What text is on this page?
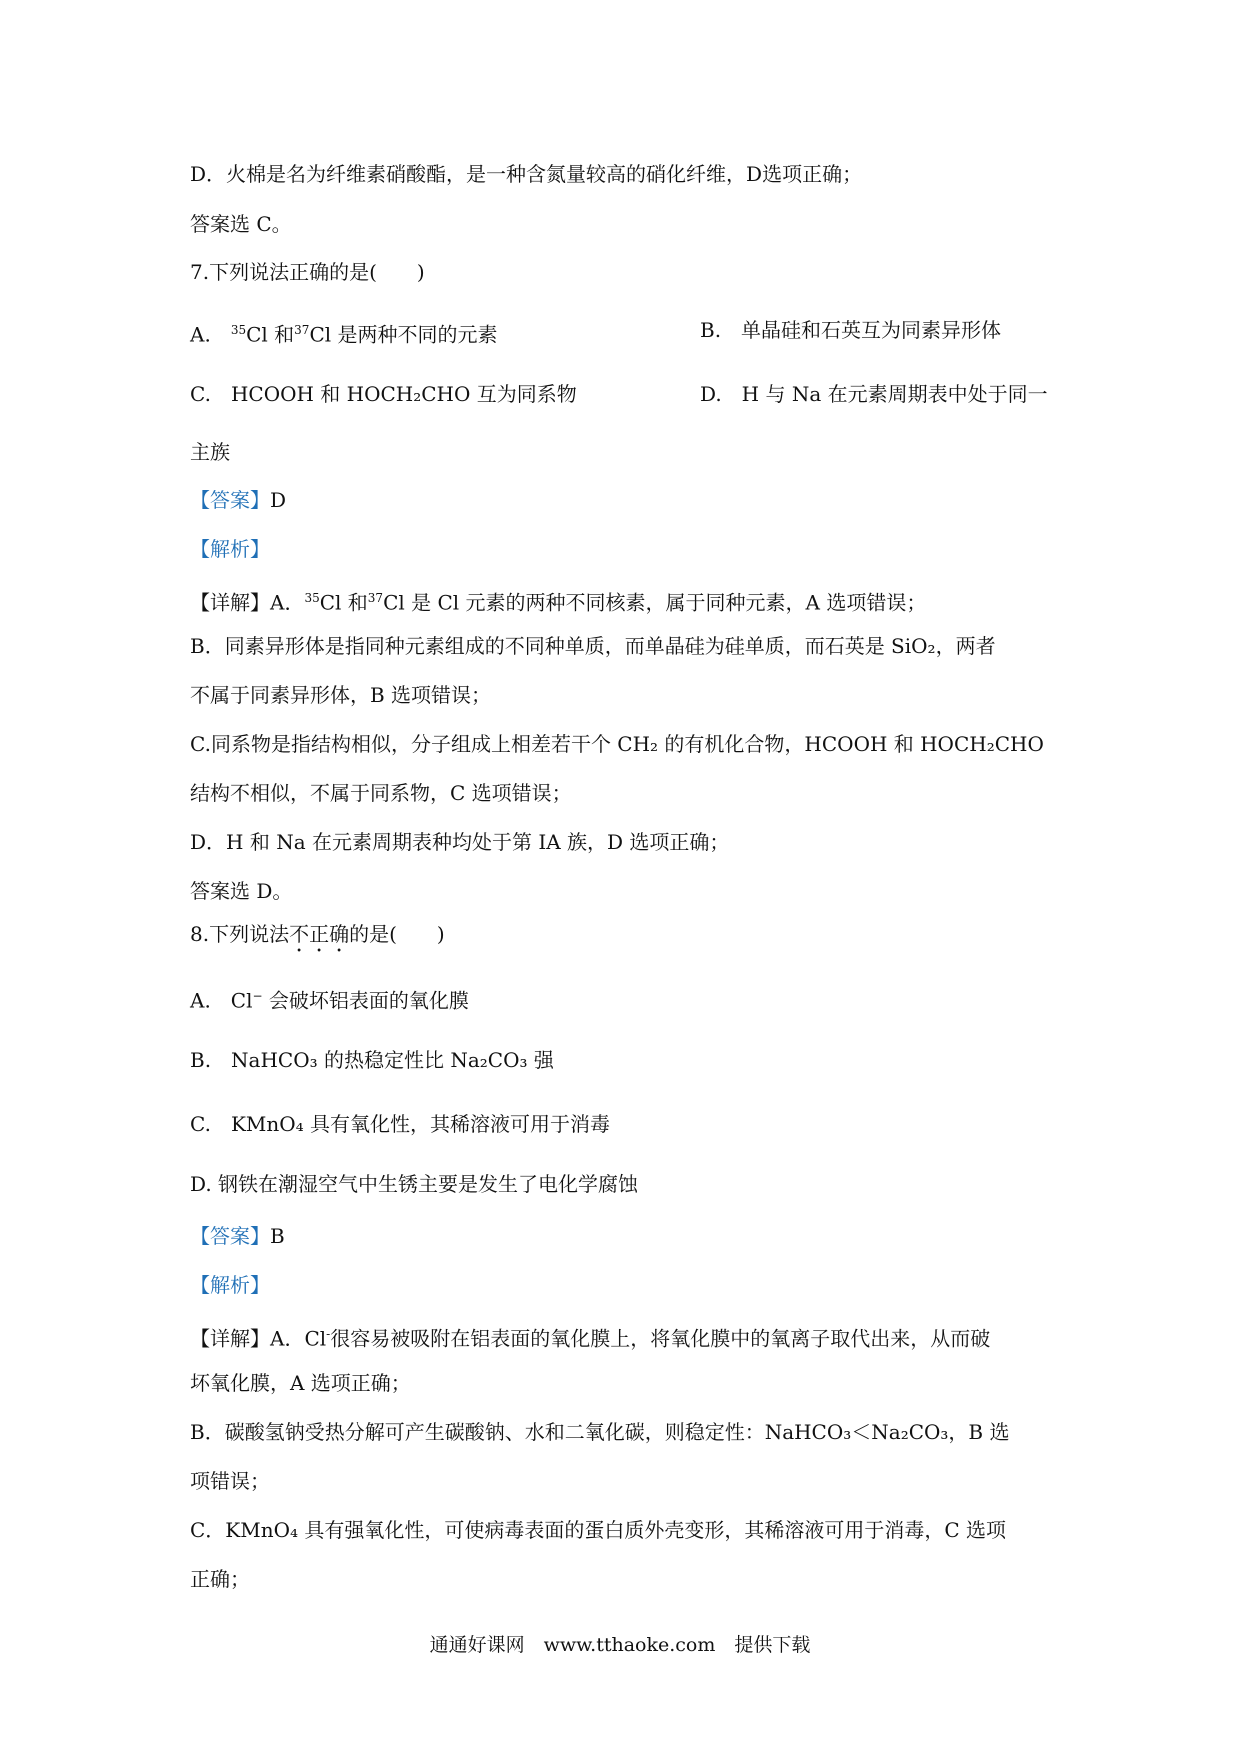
D．火棉是名为纤维素硝酸酯，是一种含氮量较高的硝化纤维，D选项正确；
答案选 C。
7.下列说法正确的是(　　)
A.  $^{35}$Cl 和$^{37}$Cl 是两种不同的元素	B.　单晶硅和石英互为同素异形体
C.　HCOOH 和 HOCH₂CHO 互为同系物	D.　H 与 Na 在元素周期表中处于同一
主族
【答案】D
【解析】
【详解】A．$^{35}$Cl 和$^{37}$Cl 是 Cl 元素的两种不同核素，属于同种元素，A 选项错误；
B．同素异形体是指同种元素组成的不同种单质，而单晶硅为硅单质，而石英是 SiO₂，两者
不属于同素异形体，B 选项错误；
C.同系物是指结构相似，分子组成上相差若干个 CH₂ 的有机化合物，HCOOH 和 HOCH₂CHO
结构不相似，不属于同系物，C 选项错误；
D．H 和 Na 在元素周期表种均处于第 IA 族，D 选项正确；
答案选 D。
8.下列说法不正确的是(　　)
A.　Cl− 会破坏铝表面的氧化膜
B.　NaHCO₃ 的热稳定性比 Na₂CO₃ 强
C.　KMnO₄ 具有氧化性，其稀溶液可用于消毒
D. 钢铁在潮湿空气中生锈主要是发生了电化学腐蚀
【答案】B
【解析】
【详解】A．Cl-很容易被吸附在铝表面的氧化膜上，将氧化膜中的氧离子取代出来，从而破
坏氧化膜，A 选项正确；
B．碳酸氢钠受热分解可产生碳酸钠、水和二氧化碳，则稳定性：NaHCO₃＜Na₂CO₃，B 选
项错误；
C．KMnO₄ 具有强氧化性，可使病毒表面的蛋白质外壳变形，其稀溶液可用于消毒，C 选项
正确；
通通好课网　www.tthaoke.com　提供下载
